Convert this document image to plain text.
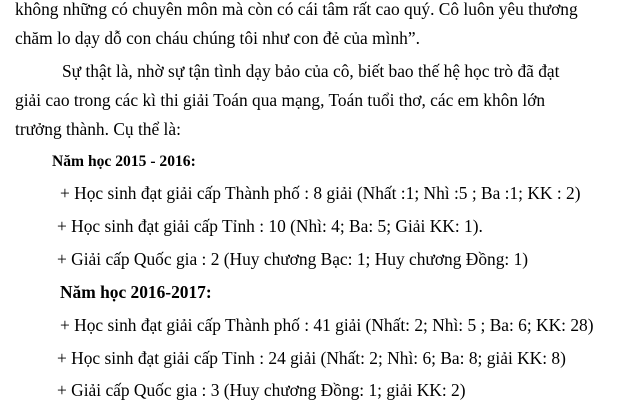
không những có chuyên môn mà còn có cái tâm rất cao quý. Cô luôn yêu thương
chăm lo dạy dỗ con cháu chúng tôi như con đẻ của mình”.
Sự thật là, nhờ sự tận tình dạy bảo của cô, biết bao thế hệ học trò đã đạt
giải cao trong các kì thi giải Toán qua mạng, Toán tuổi thơ, các em khôn lớn
trưởng thành. Cụ thể là:
Năm học 2015 - 2016:
+ Học sinh đạt giải cấp Thành phố : 8 giải (Nhất :1; Nhì :5 ; Ba :1; KK : 2)
+ Học sinh đạt giải cấp Tỉnh : 10 (Nhì: 4; Ba: 5; Giải KK: 1).
+ Giải cấp Quốc gia : 2 (Huy chương Bạc: 1; Huy chương Đồng: 1)
Năm học 2016-2017:
+ Học sinh đạt giải cấp Thành phố : 41 giải (Nhất: 2; Nhì: 5 ; Ba: 6; KK: 28)
+ Học sinh đạt giải cấp Tỉnh : 24 giải (Nhất: 2; Nhì: 6; Ba: 8; giải KK: 8)
+ Giải cấp Quốc gia : 3 (Huy chương Đồng: 1; giải KK: 2)
